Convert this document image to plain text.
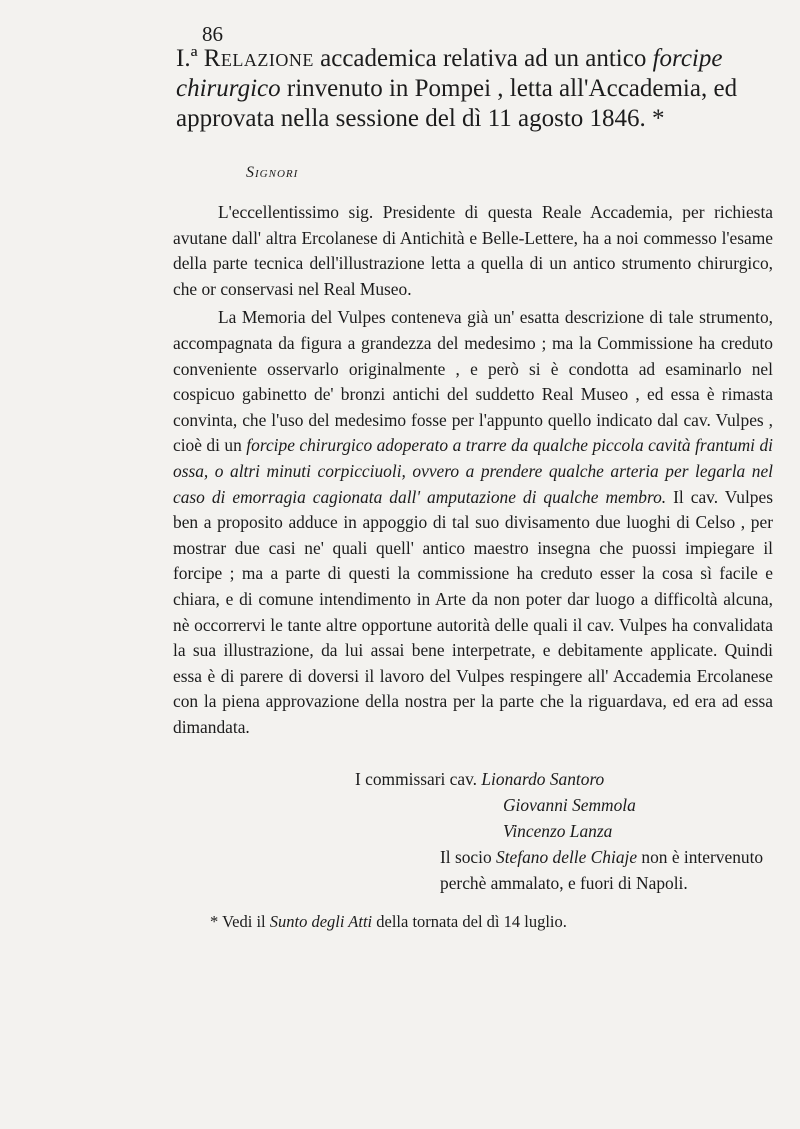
86
I.ª Relazione accademica relativa ad un antico forcipe chirurgico rinvenuto in Pompei , letta all'Accademia, ed approvata nella sessione del dì 11 agosto 1846. *
Signori

L'eccellentissimo sig. Presidente di questa Reale Accademia, per richiesta avutane dall' altra Ercolanese di Antichità e Belle-Lettere, ha a noi commesso l'esame della parte tecnica dell'illustrazione letta a quella di un antico strumento chirurgico, che or conservasi nel Real Museo.

La Memoria del Vulpes conteneva già un' esatta descrizione di tale strumento, accompagnata da figura a grandezza del medesimo ; ma la Commissione ha creduto conveniente osservarlo originalmente , e però si è condotta ad esaminarlo nel cospicuo gabinetto de' bronzi antichi del suddetto Real Museo , ed essa è rimasta convinta, che l'uso del medesimo fosse per l'appunto quello indicato dal cav. Vulpes , cioè di un forcipe chirurgico adoperato a trarre da qualche piccola cavità frantumi di ossa, o altri minuti corpicciuoli, ovvero a prendere qualche arteria per legarla nel caso di emorragia cagionata dall' amputazione di qualche membro. Il cav. Vulpes ben a proposito adduce in appoggio di tal suo divisamento due luoghi di Celso , per mostrar due casi ne' quali quell' antico maestro insegna che puossi impiegare il forcipe ; ma a parte di questi la commissione ha creduto esser la cosa sì facile e chiara, e di comune intendimento in Arte da non poter dar luogo a difficoltà alcuna, nè occorrervi le tante altre opportune autorità delle quali il cav. Vulpes ha convalidata la sua illustrazione, da lui assai bene interpetrate, e debitamente applicate. Quindi essa è di parere di doversi il lavoro del Vulpes respingere all' Accademia Ercolanese con la piena approvazione della nostra per la parte che la riguardava, ed era ad essa dimandata.

I commissari cav. Lionardo Santoro
Giovanni Semmola
Vincenzo Lanza
Il socio Stefano delle Chiaje non è intervenuto perchè ammalato, e fuori di Napoli.
* Vedi il Sunto degli Atti della tornata del dì 14 luglio.
